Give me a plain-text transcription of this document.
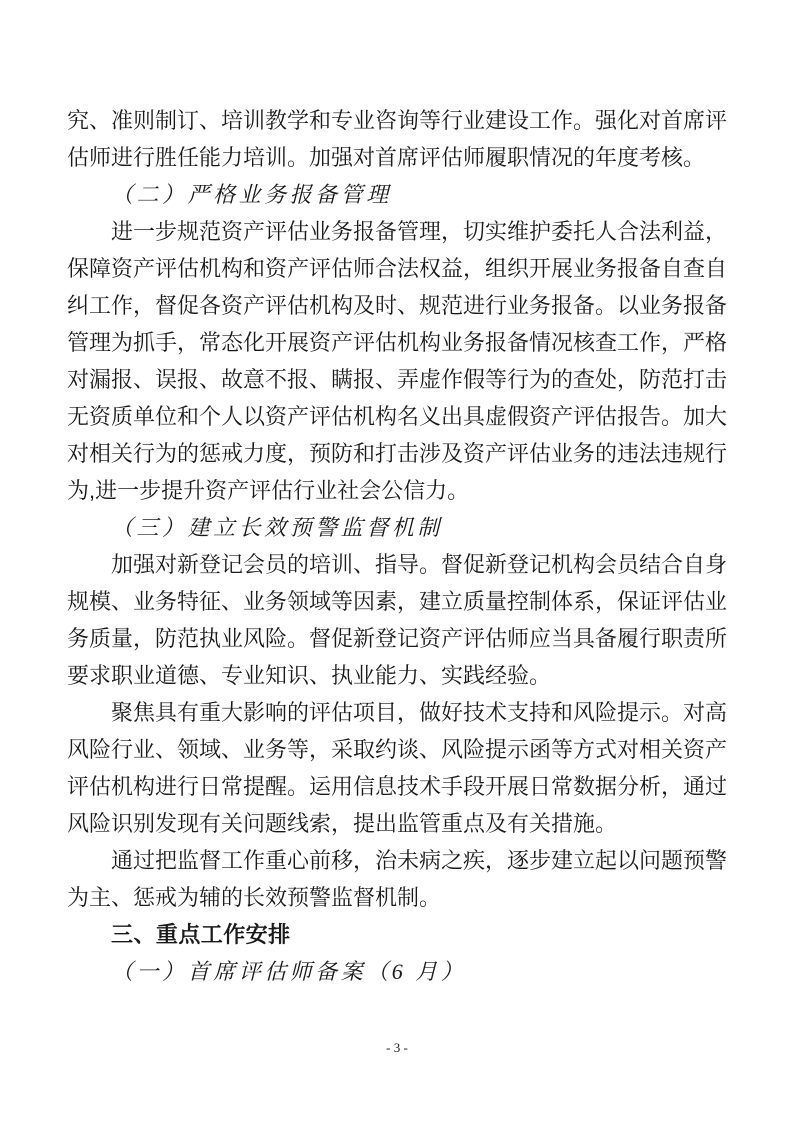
究、准则制订、培训教学和专业咨询等行业建设工作。强化对首席评估师进行胜任能力培训。加强对首席评估师履职情况的年度考核。

（二）严格业务报备管理

进一步规范资产评估业务报备管理，切实维护委托人合法利益，保障资产评估机构和资产评估师合法权益，组织开展业务报备自查自纠工作，督促各资产评估机构及时、规范进行业务报备。以业务报备管理为抓手，常态化开展资产评估机构业务报备情况核查工作，严格对漏报、误报、故意不报、瞒报、弄虚作假等行为的查处，防范打击无资质单位和个人以资产评估机构名义出具虚假资产评估报告。加大对相关行为的惩戒力度，预防和打击涉及资产评估业务的违法违规行为,进一步提升资产评估行业社会公信力。

（三）建立长效预警监督机制

加强对新登记会员的培训、指导。督促新登记机构会员结合自身规模、业务特征、业务领域等因素，建立质量控制体系，保证评估业务质量，防范执业风险。督促新登记资产评估师应当具备履行职责所要求职业道德、专业知识、执业能力、实践经验。

聚焦具有重大影响的评估项目，做好技术支持和风险提示。对高风险行业、领域、业务等，采取约谈、风险提示函等方式对相关资产评估机构进行日常提醒。运用信息技术手段开展日常数据分析，通过风险识别发现有关问题线索，提出监管重点及有关措施。

通过把监督工作重心前移，治未病之疾，逐步建立起以问题预警为主、惩戒为辅的长效预警监督机制。

三、重点工作安排

（一）首席评估师备案（6 月）

- 3 -
